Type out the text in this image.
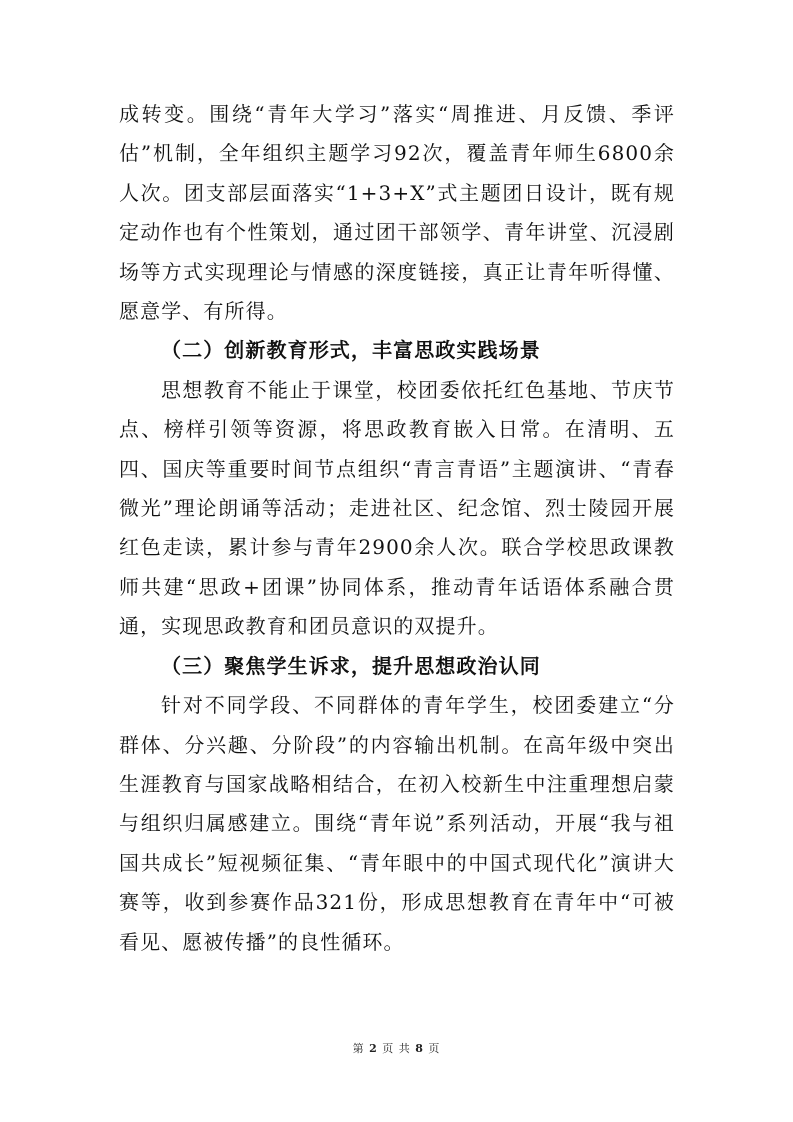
成转变。围绕“青年大学习”落实“周推进、月反馈、季评估”机制，全年组织主题学习92次，覆盖青年师生6800余人次。团支部层面落实“1+3+X”式主题团日设计，既有规定动作也有个性策划，通过团干部领学、青年讲堂、沉浸剧场等方式实现理论与情感的深度链接，真正让青年听得懂、愿意学、有所得。

（二）创新教育形式，丰富思政实践场景

思想教育不能止于课堂，校团委依托红色基地、节庆节点、榜样引领等资源，将思政教育嵌入日常。在清明、五四、国庆等重要时间节点组织“青言青语”主题演讲、“青春微光”理论朗诵等活动；走进社区、纪念馆、烈士陵园开展红色走读，累计参与青年2900余人次。联合学校思政课教师共建“思政+团课”协同体系，推动青年话语体系融合贯通，实现思政教育和团员意识的双提升。

（三）聚焦学生诉求，提升思想政治认同

针对不同学段、不同群体的青年学生，校团委建立“分群体、分兴趣、分阶段”的内容输出机制。在高年级中突出生涯教育与国家战略相结合，在初入校新生中注重理想启蒙与组织归属感建立。围绕“青年说”系列活动，开展“我与祖国共成长”短视频征集、“青年眼中的中国式现代化”演讲大赛等，收到参赛作品321份，形成思想教育在青年中“可被看见、愿被传播”的良性循环。

第 2 页 共 8 页
